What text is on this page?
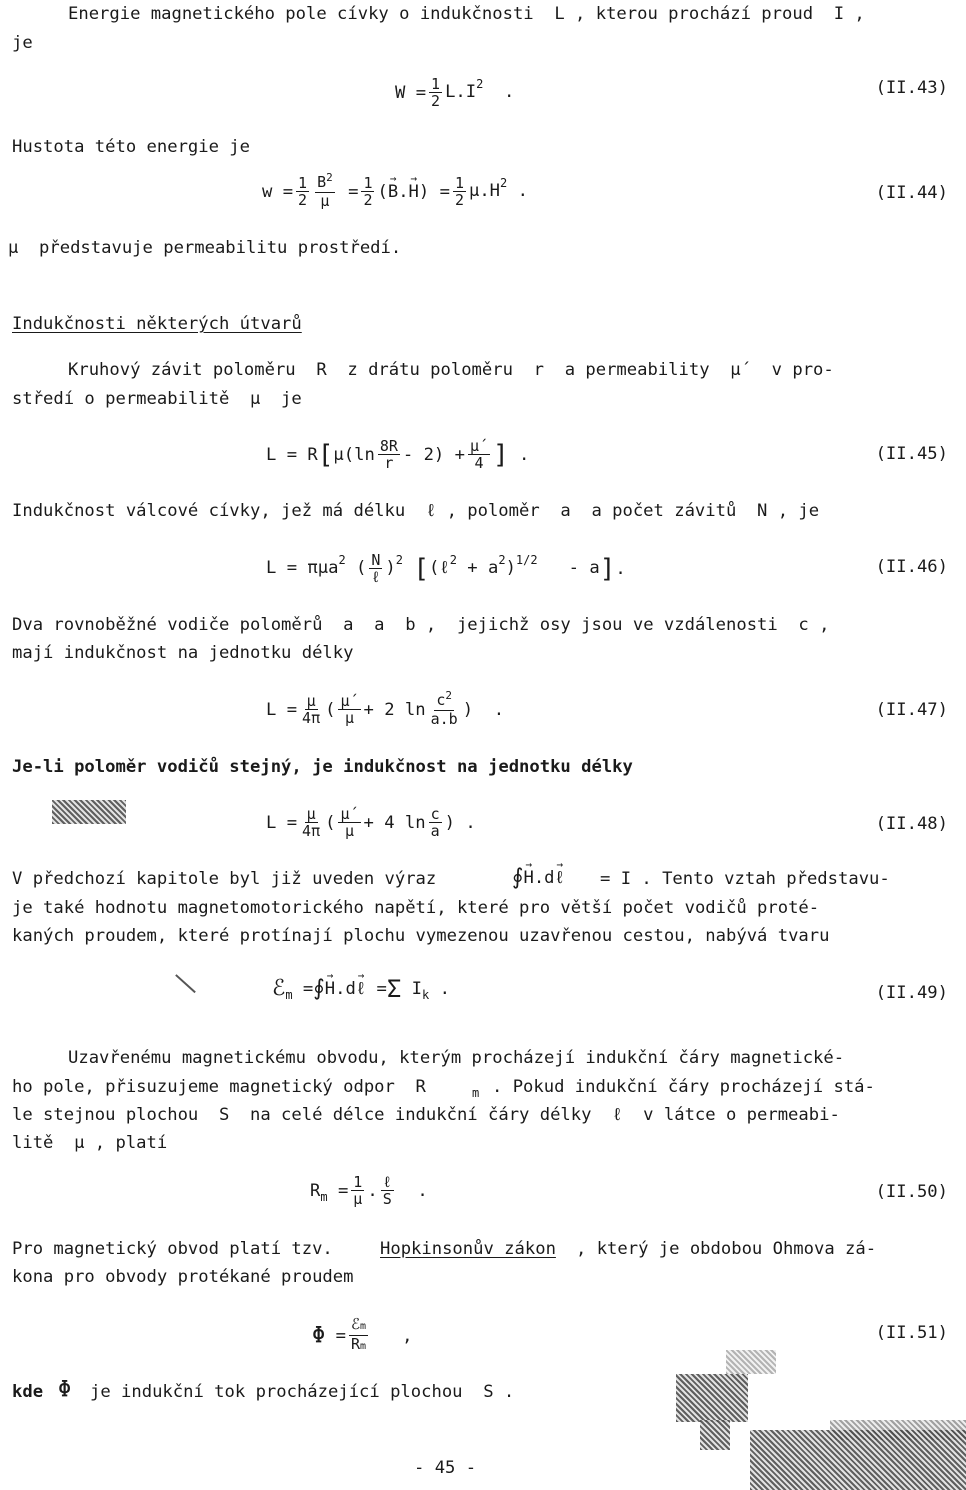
Energie magnetického pole cívky o indukčnosti  L , kterou prochází proud  I ,
je
$W = \frac{1}{2} L.I^2$  .	(II.43)
Hustota této energie je
$w = \frac{1}{2} \frac{B^2}{\mu} = \frac{1}{2}$ (→ $B.\to H) = \frac{1}{2} \mu.H^2$ .	(II.44)
μ  představuje permeabilitu prostředí.
Indukčnosti některých útvarů
Kruhový závit poloměru  R  z drátu poloměru  r  a permeability  μ´  v pro-
středí o permeabilitě  μ  je
L = R [ $\mu(\ln \frac{8R}{r} - 2) + \frac{\mu´}{4}$ ] .	(II.45)
Indukčnost válcové cívky, jež má délku  ℓ , poloměr  a  a počet závitů  N , je
L = πμa$^2$ ( $\frac{N}{\text{ℓ}} )^2$ [ (ℓ$^2$ + $a^2)^{1/2}$   - a ] .	(II.46)
Dva rovnoběžné vodiče poloměrů  a  a  b ,  jejichž osy jsou ve vzdálenosti  c ,
mají indukčnost na jednotku délky
$L = \frac{\mu}{4\pi}$ ( $\frac{\mu´}{\mu} + 2$ $\ln \frac{c^2}{a.b}$ )  .	(II.47)
Je-li poloměr vodičů stejný, je indukčnost na jednotku délky
$L = \frac{\mu}{4\pi}$ ( $\frac{\mu´}{\mu} + 4$ $\ln \frac{c}{a}$ ) .	(II.48)
V předchozí kapitole byl již uveden výraz	∮ → H .d → ℓ = I . Tento vztah představu-
je také hodnotu magnetomotorického napětí, které pro větší počet vodičů proté-
kaných proudem, které protínají plochu vymezenou uzavřenou cestou, nabývá tvaru
ℰ m = ∮ → H .d → ℓ = Σ I k .	(II.49)
Uzavřenému magnetickému obvodu, kterým procházejí indukční čáry magnetické-
ho pole, přisuzujeme magnetický odpor  R	m . Pokud indukční čáry procházejí stá-
le stejnou plochou  S  na celé délce indukční čáry délky  ℓ  v látce o permeabi-
litě  μ , platí
R $m = \frac{1}{\mu}$ . $\frac{\text{ℓ}}{S}$ .	(II.50)
Pro magnetický obvod platí tzv.	Hopkinsonův zákon , který je obdobou Ohmova zá-
kona pro obvody protékané proudem
$\Phi = \frac{\text{ℰm}}{Rm}$ ,	(II.51)
kde Φ je indukční tok procházející plochou  S .
- 45 -
